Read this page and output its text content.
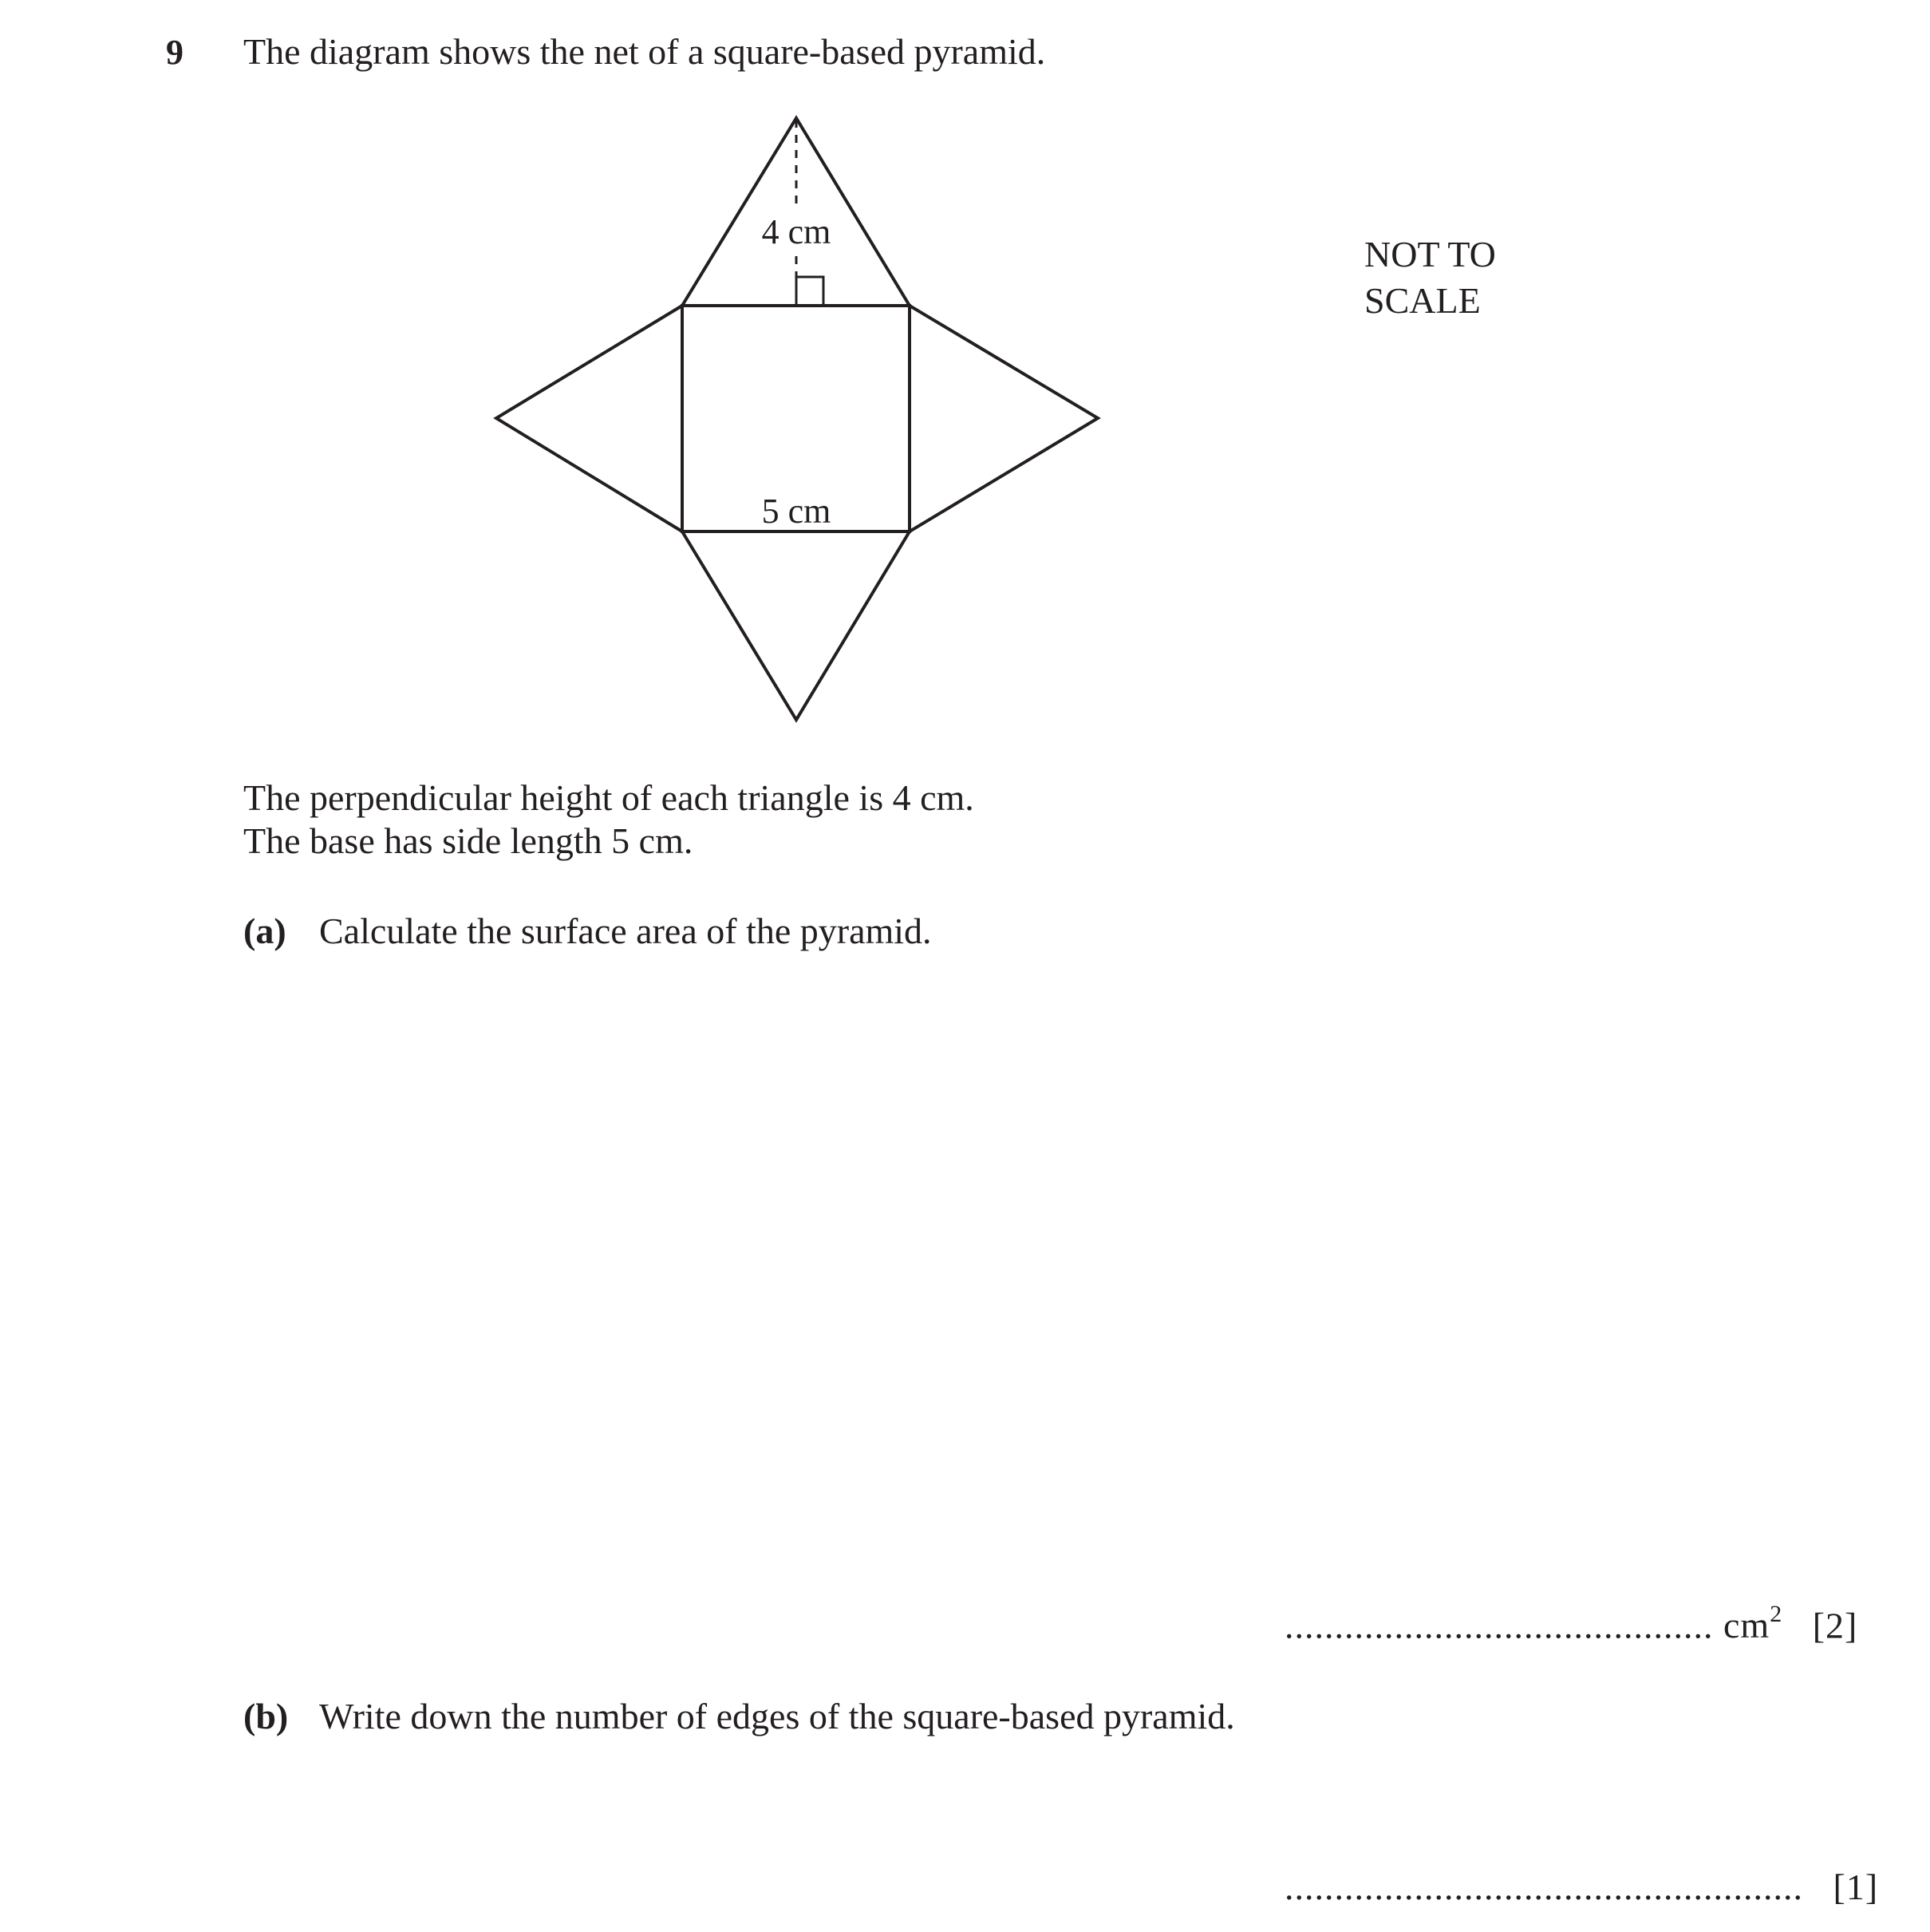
9 The diagram shows the net of a square-based pyramid.
4 cm
5 cm
NOT TO
SCALE
The perpendicular height of each triangle is 4 cm.
The base has side length 5 cm.
(a) Calculate the surface area of the pyramid.
........................................... $cm^2$ [2]
(b) Write down the number of edges of the square-based pyramid.
.................................................... [1]
